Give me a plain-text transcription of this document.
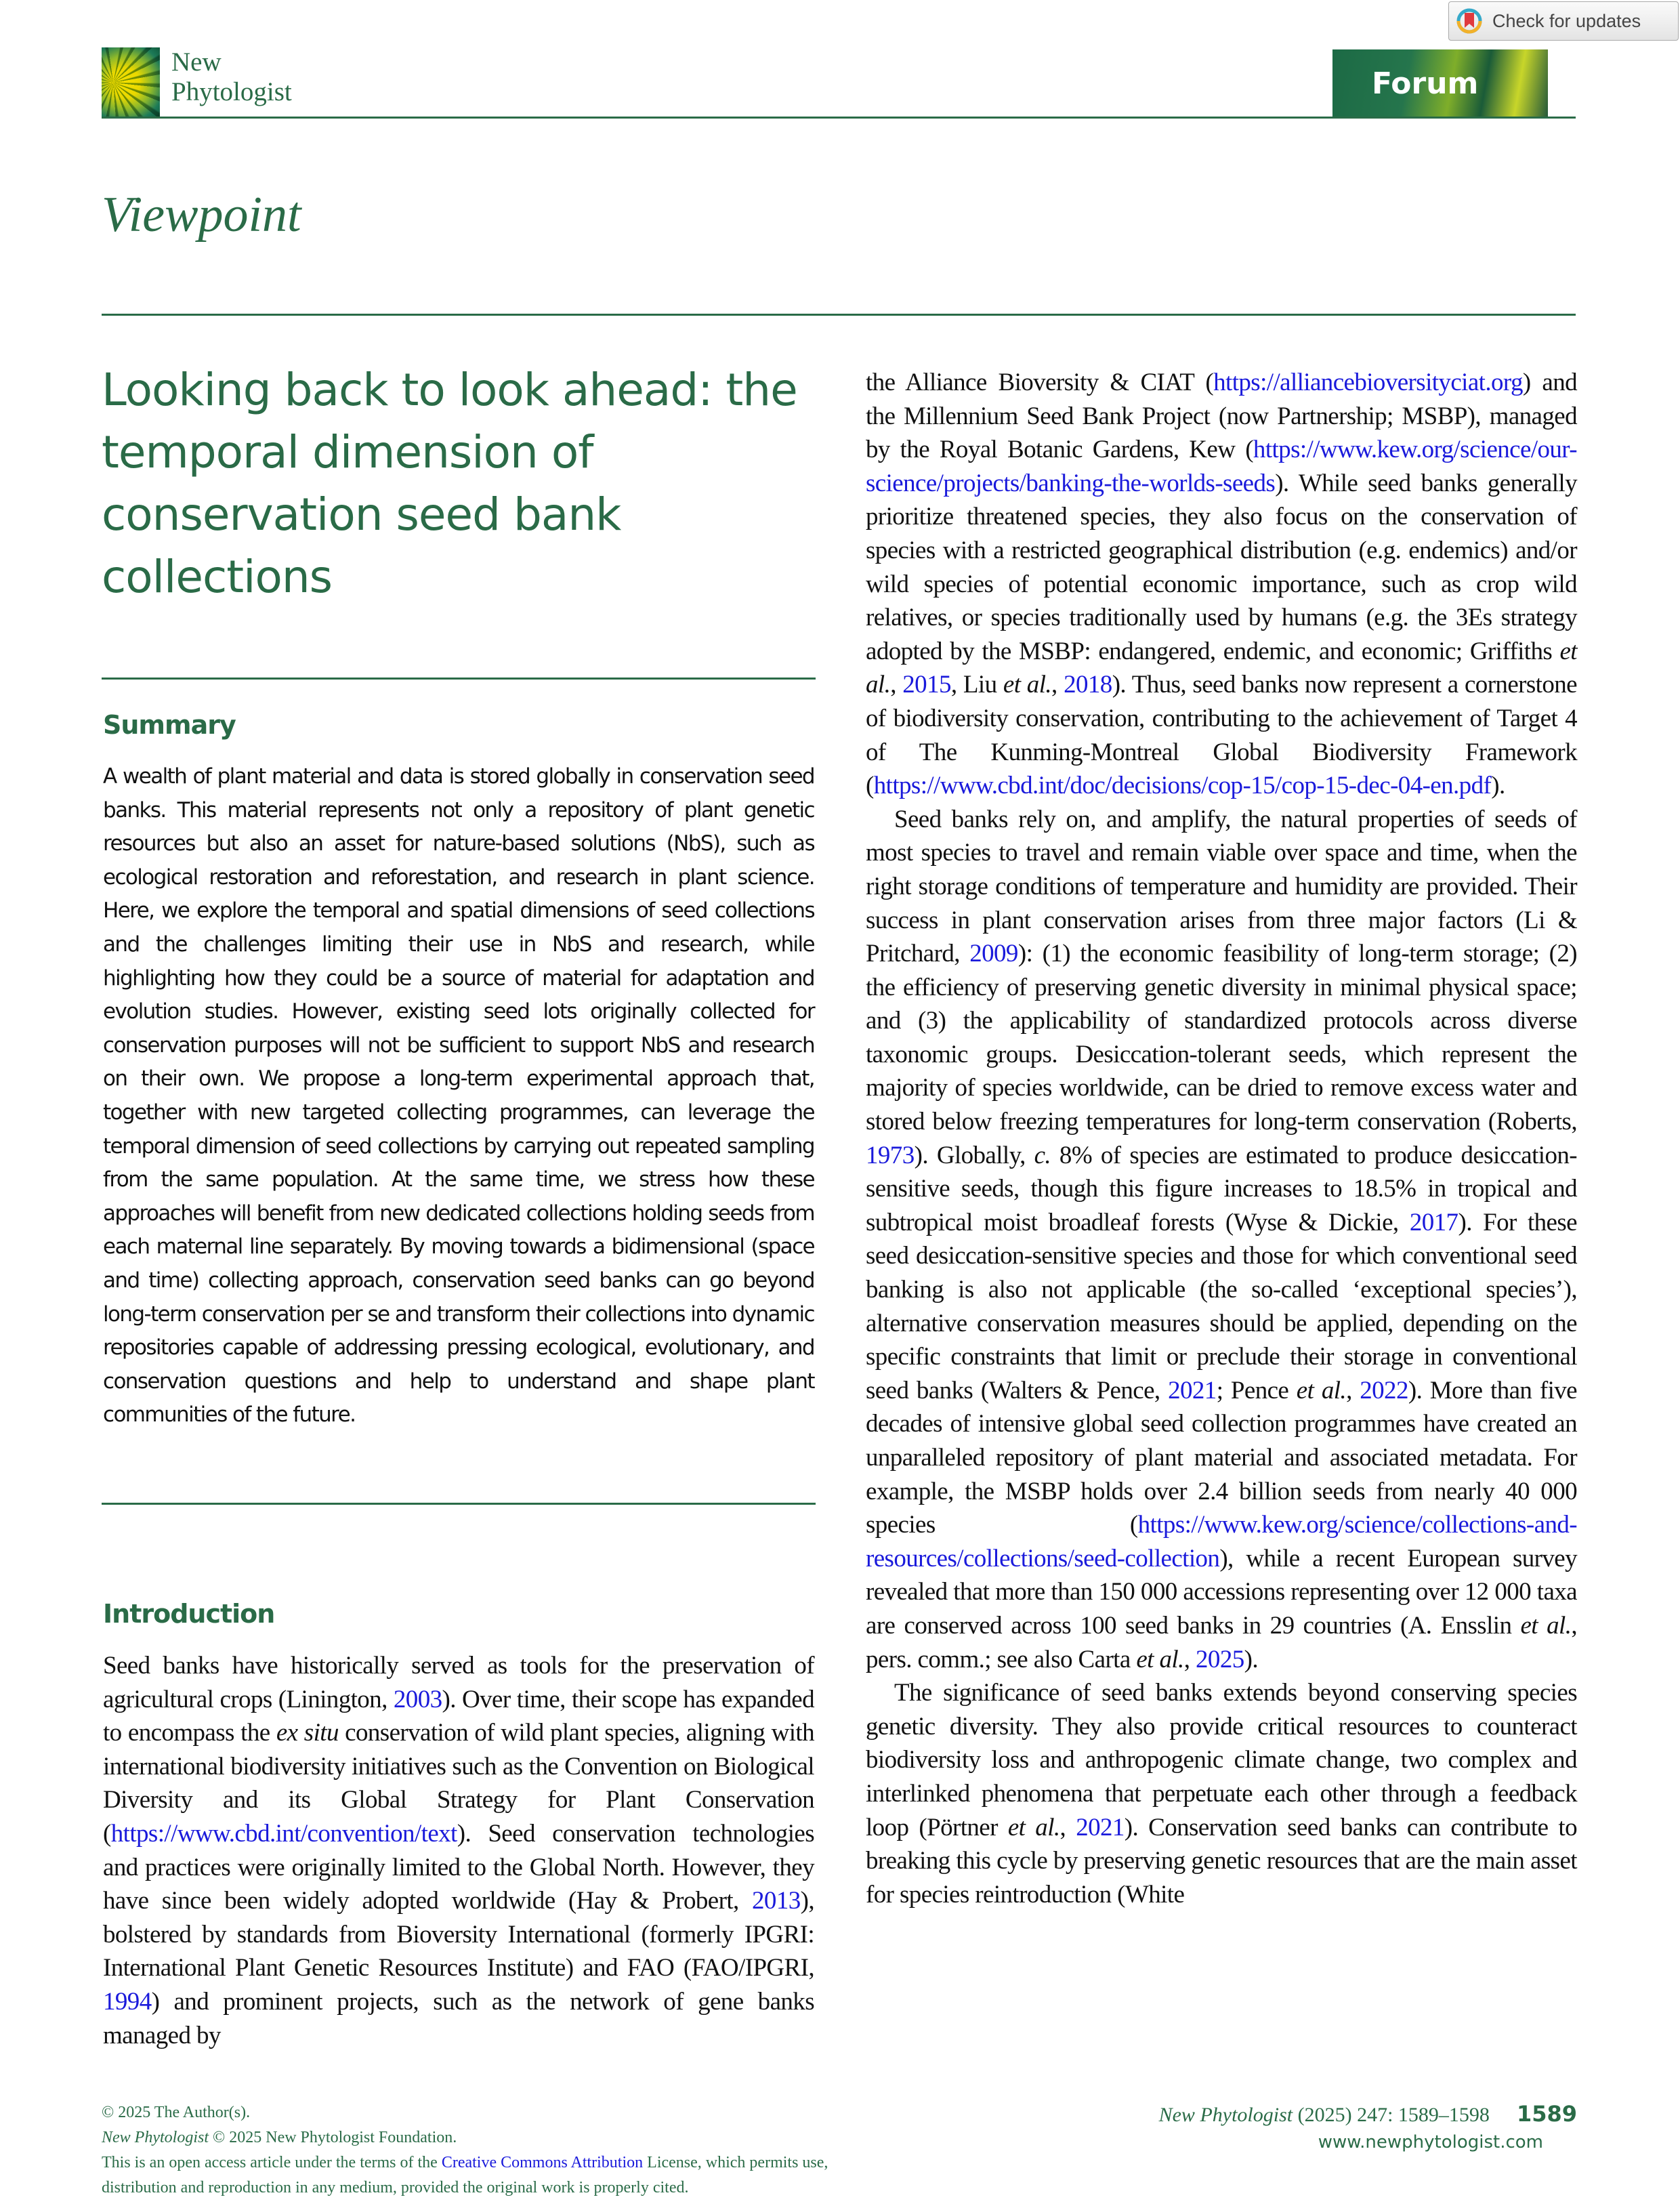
Check for updates
New
Phytologist	Forum
Viewpoint
Looking back to look ahead: the temporal dimension of conservation seed bank collections
Summary

A wealth of plant material and data is stored globally in conservation seed banks. This material represents not only a repository of plant genetic resources but also an asset for nature-based solutions (NbS), such as ecological restoration and reforestation, and research in plant science. Here, we explore the temporal and spatial dimensions of seed collections and the challenges limiting their use in NbS and research, while highlighting how they could be a source of material for adaptation and evolution studies. However, existing seed lots originally collected for conservation purposes will not be sufficient to support NbS and research on their own. We propose a long-term experimental approach that, together with new targeted collecting programmes, can leverage the temporal dimension of seed collections by carrying out repeated sampling from the same population. At the same time, we stress how these approaches will benefit from new dedicated collections holding seeds from each maternal line separately. By moving towards a bidimensional (space and time) collecting approach, conservation seed banks can go beyond long-term conservation per se and transform their collections into dynamic repositories capable of addressing pressing ecological, evolutionary, and conservation questions and help to understand and shape plant communities of the future.

Introduction

Seed banks have historically served as tools for the preservation of agricultural crops (Linington, 2003). Over time, their scope has expanded to encompass the ex situ conservation of wild plant species, aligning with international biodiversity initiatives such as the Convention on Biological Diversity and its Global Strategy for Plant Conservation (https://www.cbd.int/convention/text). Seed conservation technologies and practices were originally limited to the Global North. However, they have since been widely adopted worldwide (Hay & Probert, 2013), bolstered by standards from Bioversity International (formerly IPGRI: International Plant Genetic Resources Institute) and FAO (FAO/IPGRI, 1994) and prominent projects, such as the network of gene banks managed by

the Alliance Bioversity & CIAT (https://alliancebioversityciat.org) and the Millennium Seed Bank Project (now Partnership; MSBP), managed by the Royal Botanic Gardens, Kew (https://www.kew.org/science/our-science/projects/banking-the-worlds-seeds). While seed banks generally prioritize threatened species, they also focus on the conservation of species with a restricted geographical distribution (e.g. endemics) and/or wild species of potential economic importance, such as crop wild relatives, or species traditionally used by humans (e.g. the 3Es strategy adopted by the MSBP: endangered, endemic, and economic; Griffiths et al., 2015, Liu et al., 2018). Thus, seed banks now represent a cornerstone of biodiversity conservation, contributing to the achievement of Target 4 of The Kunming-Montreal Global Biodiversity Framework (https://www.cbd.int/doc/decisions/cop-15/cop-15-dec-04-en.pdf).

Seed banks rely on, and amplify, the natural properties of seeds of most species to travel and remain viable over space and time, when the right storage conditions of temperature and humidity are provided. Their success in plant conservation arises from three major factors (Li & Pritchard, 2009): (1) the economic feasibility of long-term storage; (2) the efficiency of preserving genetic diversity in minimal physical space; and (3) the applicability of standardized protocols across diverse taxonomic groups. Desiccation-tolerant seeds, which represent the majority of species worldwide, can be dried to remove excess water and stored below freezing temperatures for long-term conservation (Roberts, 1973). Globally, c. 8% of species are estimated to produce desiccation-sensitive seeds, though this figure increases to 18.5% in tropical and subtropical moist broadleaf forests (Wyse & Dickie, 2017). For these seed desiccation-sensitive species and those for which conventional seed banking is also not applicable (the so-called ‘exceptional species’), alternative conservation measures should be applied, depending on the specific constraints that limit or preclude their storage in conventional seed banks (Walters & Pence, 2021; Pence et al., 2022). More than five decades of intensive global seed collection programmes have created an unparalleled repository of plant material and associated metadata. For example, the MSBP holds over 2.4 billion seeds from nearly 40 000 species (https://www.kew.org/science/collections-and-resources/collections/seed-collection), while a recent European survey revealed that more than 150 000 accessions representing over 12 000 taxa are conserved across 100 seed banks in 29 countries (A. Ensslin et al., pers. comm.; see also Carta et al., 2025).

The significance of seed banks extends beyond conserving species genetic diversity. They also provide critical resources to counteract biodiversity loss and anthropogenic climate change, two complex and interlinked phenomena that perpetuate each other through a feedback loop (Pörtner et al., 2021). Conservation seed banks can contribute to breaking this cycle by preserving genetic resources that are the main asset for species reintroduction (White

© 2025 The Author(s).
New Phytologist © 2025 New Phytologist Foundation.
This is an open access article under the terms of the Creative Commons Attribution License, which permits use,
distribution and reproduction in any medium, provided the original work is properly cited.
New Phytologist (2025) 247: 1589–1598 1589
www.newphytologist.com
